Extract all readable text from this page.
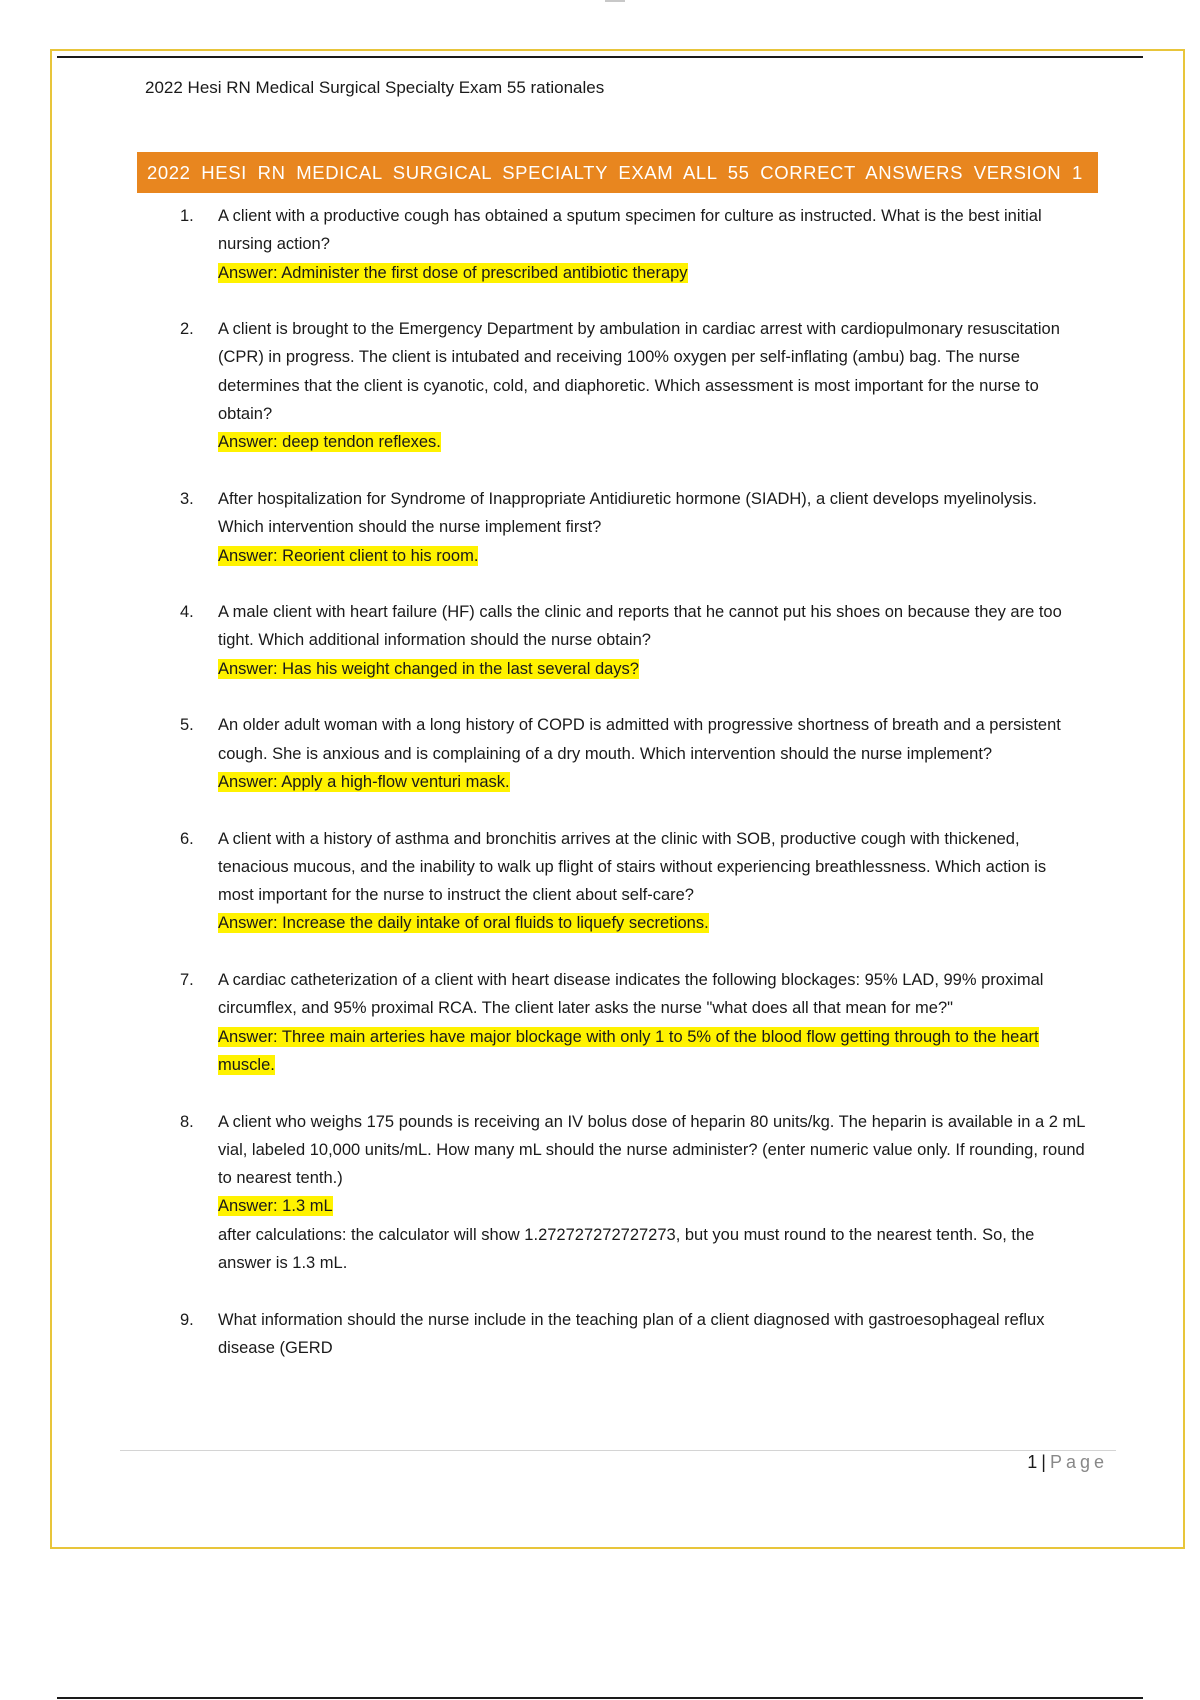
2022 Hesi RN Medical Surgical Specialty Exam 55 rationales
2022 HESI RN MEDICAL SURGICAL SPECIALTY EXAM ALL 55 CORRECT ANSWERS VERSION 1
1.	A client with a productive cough has obtained a sputum specimen for culture as instructed. What is the best initial nursing action?
Answer: Administer the first dose of prescribed antibiotic therapy
2.	A client is brought to the Emergency Department by ambulation in cardiac arrest with cardiopulmonary resuscitation (CPR) in progress. The client is intubated and receiving 100% oxygen per self-inflating (ambu) bag. The nurse determines that the client is cyanotic, cold, and diaphoretic. Which assessment is most important for the nurse to obtain?
Answer: deep tendon reflexes.
3.	After hospitalization for Syndrome of Inappropriate Antidiuretic hormone (SIADH), a client develops myelinolysis. Which intervention should the nurse implement first?
Answer: Reorient client to his room.
4.	A male client with heart failure (HF) calls the clinic and reports that he cannot put his shoes on because they are too tight. Which additional information should the nurse obtain?
Answer: Has his weight changed in the last several days?
5.	An older adult woman with a long history of COPD is admitted with progressive shortness of breath and a persistent cough. She is anxious and is complaining of a dry mouth. Which intervention should the nurse implement?
Answer: Apply a high-flow venturi mask.
6.	A client with a history of asthma and bronchitis arrives at the clinic with SOB, productive cough with thickened, tenacious mucous, and the inability to walk up flight of stairs without experiencing breathlessness. Which action is most important for the nurse to instruct the client about self-care?
Answer: Increase the daily intake of oral fluids to liquefy secretions.
7.	A cardiac catheterization of a client with heart disease indicates the following blockages: 95% LAD, 99% proximal circumflex, and 95% proximal RCA. The client later asks the nurse "what does all that mean for me?"
Answer: Three main arteries have major blockage with only 1 to 5% of the blood flow getting through to the heart muscle.
8.	A client who weighs 175 pounds is receiving an IV bolus dose of heparin 80 units/kg. The heparin is available in a 2 mL vial, labeled 10,000 units/mL. How many mL should the nurse administer? (enter numeric value only. If rounding, round to nearest tenth.)
Answer: 1.3 mL
after calculations: the calculator will show 1.272727272727273, but you must round to the nearest tenth. So, the answer is 1.3 mL.
9.	What information should the nurse include in the teaching plan of a client diagnosed with gastroesophageal reflux disease (GERD
1 | Page
